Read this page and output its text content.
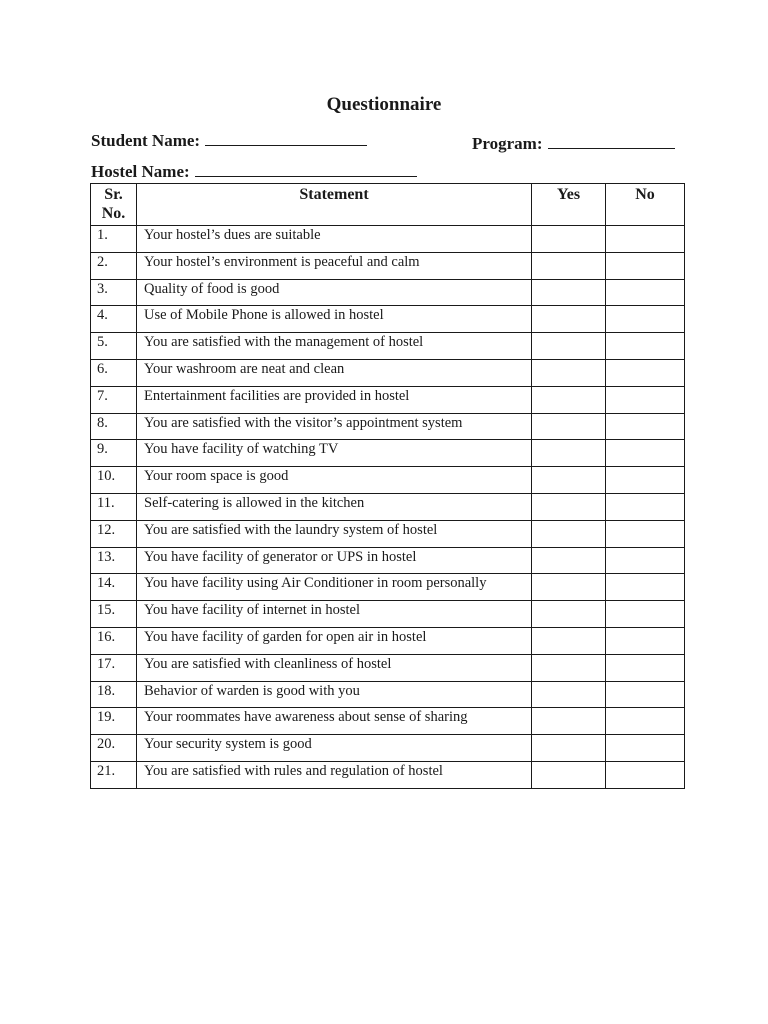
Questionnaire
Student Name:	Program:
Hostel Name:
Sr. No.	Statement	Yes	No
1.	Your hostel’s dues are suitable		
2.	Your hostel’s environment is peaceful and calm		
3.	Quality of food is good		
4.	Use of Mobile Phone is allowed in hostel		
5.	You are satisfied with the management of hostel		
6.	Your washroom are neat and clean		
7.	Entertainment facilities are provided in hostel		
8.	You are satisfied with the visitor’s appointment system		
9.	You have facility of watching TV		
10.	Your room space is good		
11.	Self-catering is allowed in the kitchen		
12.	You are satisfied with the laundry system of hostel		
13.	You have facility of generator or UPS in hostel		
14.	You have facility using Air Conditioner in room personally		
15.	You have facility of internet in hostel		
16.	You have facility of garden for open air in hostel		
17.	You are satisfied with cleanliness of hostel		
18.	Behavior of warden is good with you		
19.	Your roommates have awareness about sense of sharing		
20.	Your security system is good		
21.	You are satisfied with rules and regulation of hostel		
